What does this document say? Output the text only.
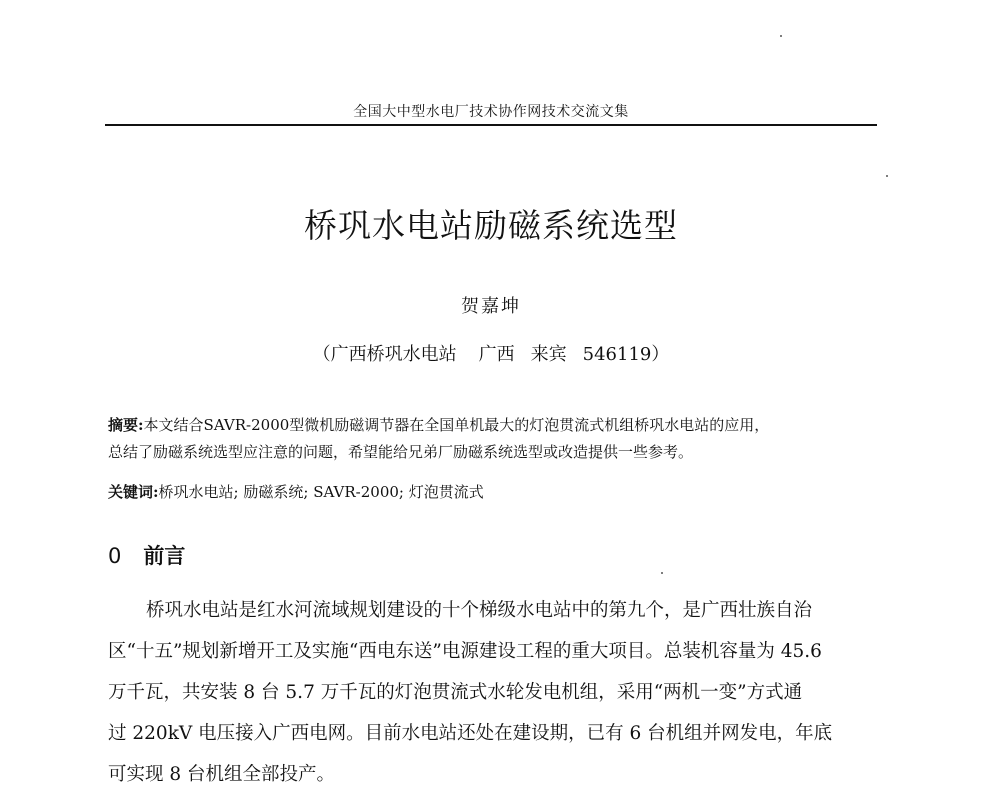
全国大中型水电厂技术协作网技术交流文集
桥巩水电站励磁系统选型
贺嘉坤
（广西桥巩水电站 广西 来宾 546119）
摘要:本文结合SAVR-2000型微机励磁调节器在全国单机最大的灯泡贯流式机组桥巩水电站的应用，
总结了励磁系统选型应注意的问题，希望能给兄弟厂励磁系统选型或改造提供一些参考。
关键词:桥巩水电站; 励磁系统; SAVR-2000; 灯泡贯流式
0 前言
桥巩水电站是红水河流域规划建设的十个梯级水电站中的第九个，是广西壮族自治
区“十五”规划新增开工及实施“西电东送”电源建设工程的重大项目。总装机容量为 45.6
万千瓦，共安装 8 台 5.7 万千瓦的灯泡贯流式水轮发电机组，采用“两机一变”方式通
过 220kV 电压接入广西电网。目前水电站还处在建设期，已有 6 台机组并网发电，年底
可实现 8 台机组全部投产。
